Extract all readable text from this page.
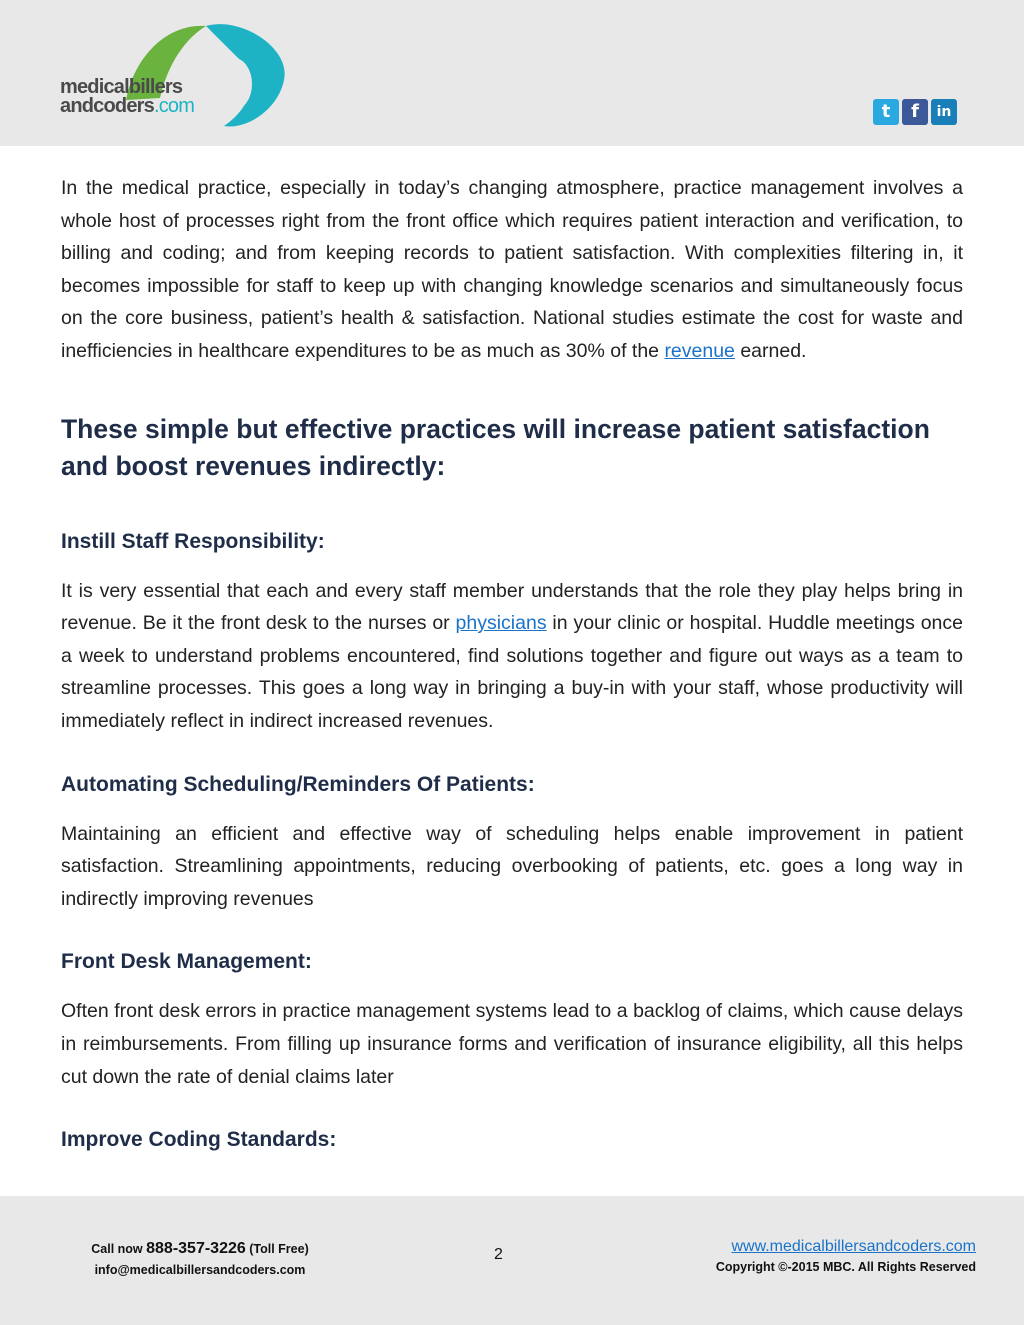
medicalbillers
andcoders.com	t	f	in

In the medical practice, especially in today’s changing atmosphere, practice management involves a whole host of processes right from the front office which requires patient interaction and verification, to billing and coding; and from keeping records to patient satisfaction. With complexities filtering in, it becomes impossible for staff to keep up with changing knowledge scenarios and simultaneously focus on the core business, patient’s health & satisfaction. National studies estimate the cost for waste and inefficiencies in healthcare expenditures to be as much as 30% of the revenue earned.

These simple but effective practices will increase patient satisfaction and boost revenues indirectly:
Instill Staff Responsibility:

It is very essential that each and every staff member understands that the role they play helps bring in revenue. Be it the front desk to the nurses or physicians in your clinic or hospital. Huddle meetings once a week to understand problems encountered, find solutions together and figure out ways as a team to streamline processes. This goes a long way in bringing a buy-in with your staff, whose productivity will immediately reflect in indirect increased revenues.

Automating Scheduling/Reminders Of Patients:

Maintaining an efficient and effective way of scheduling helps enable improvement in patient satisfaction. Streamlining appointments, reducing overbooking of patients, etc. goes a long way in indirectly improving revenues

Front Desk Management:

Often front desk errors in practice management systems lead to a backlog of claims, which cause delays in reimbursements. From filling up insurance forms and verification of insurance eligibility, all this helps cut down the rate of denial claims later

Improve Coding Standards:
Call now 888-357-3226 (Toll Free)
info@medicalbillersandcoders.com
2	www.medicalbillersandcoders.com
Copyright ©-2015 MBC. All Rights Reserved
